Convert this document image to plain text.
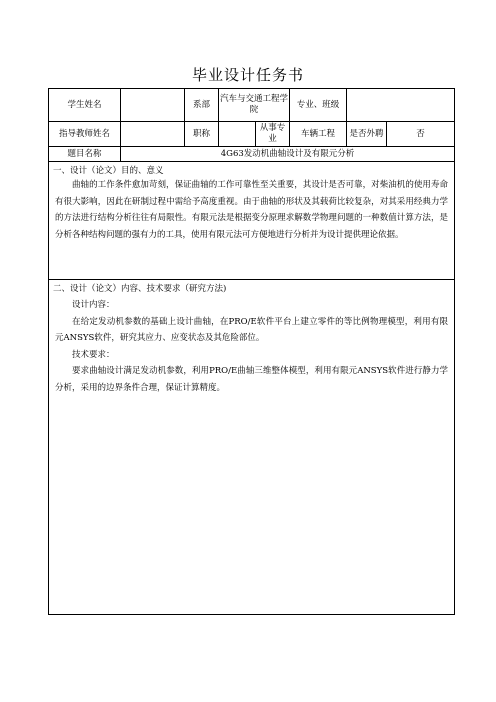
毕业设计任务书
学生姓名		系部	汽车与交通工程学院		专业、班级		
指导教师姓名		职称		从事专业	车辆工程	是否外聘	否
题目名称	4G63发动机曲轴设计及有限元分析						

一、设计（论文）目的、意义

曲轴的工作条件愈加苛刻，保证曲轴的工作可靠性至关重要，其设计是否可靠，对柴油机的使用寿命有很大影响，因此在研制过程中需给予高度重视。由于曲轴的形状及其载荷比较复杂，对其采用经典力学的方法进行结构分析往往有局限性。有限元法是根据变分原理求解数学物理问题的一种数值计算方法，是分析各种结构问题的强有力的工具，使用有限元法可方便地进行分析并为设计提供理论依据。							

二、设计（论文）内容、技术要求（研究方法)

设计内容：

在给定发动机参数的基础上设计曲轴，在PRO/E软件平台上建立零件的等比例物理模型，利用有限元ANSYS软件，研究其应力、应变状态及其危险部位。

技术要求：

要求曲轴设计满足发动机参数，利用PRO/E曲轴三维整体模型，利用有限元ANSYS软件进行静力学分析，采用的边界条件合理，保证计算精度。							
